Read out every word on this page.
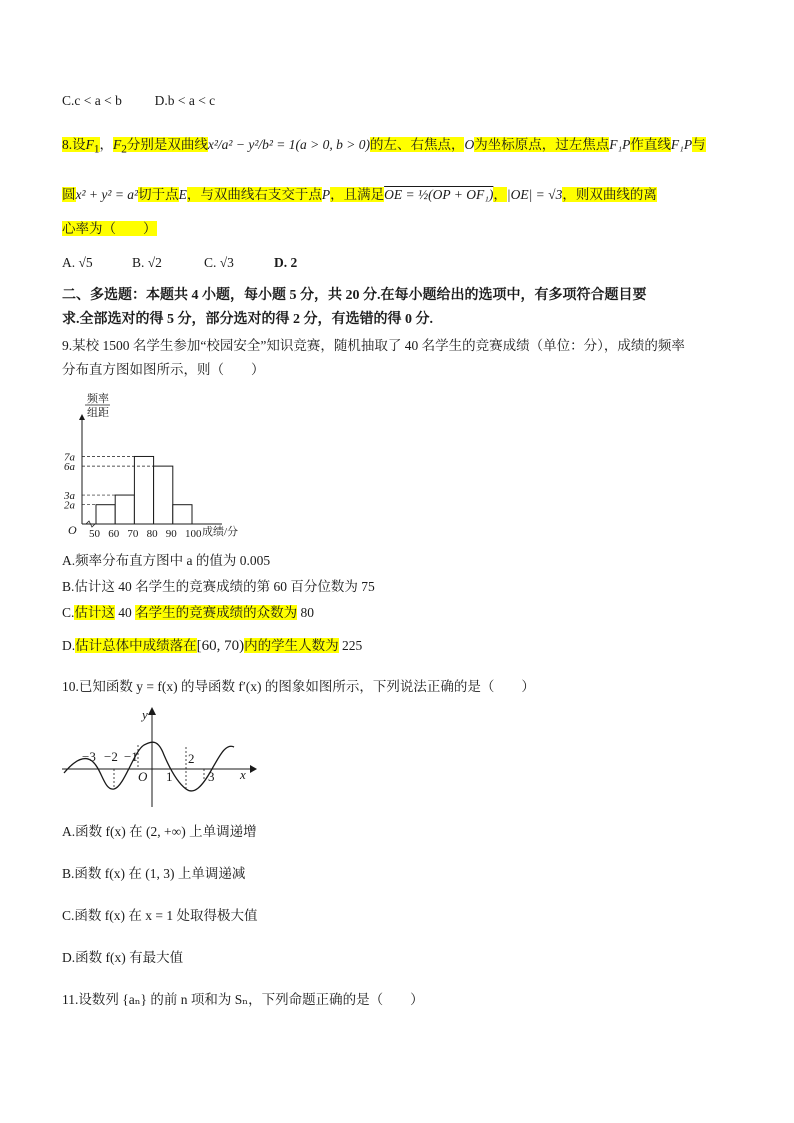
C.c < a < b D.b < a < c
8.设$F_1$，$F_2$分别是双曲线x²/a² − y²/b² = 1(a > 0, b > 0)的左、右焦点，O为坐标原点，过左焦点F₁P作直线F₁P与
圆x² + y² = a²切于点E，与双曲线右支交于点P，且满足OE = ½(OP + OF₁)，|OE| = √3，则双曲线的离
心率为（　　）
A. √5	B. √2	C. √3	D. 2
二、多选题：本题共 4 小题，每小题 5 分，共 20 分.在每小题给出的选项中，有多项符合题目要
求.全部选对的得 5 分，部分选对的得 2 分，有选错的得 0 分.
9.某校 1500 名学生参加“校园安全”知识竞赛，随机抽取了 40 名学生的竞赛成绩（单位：分），成绩的频率
分布直方图如图所示，则（　　）
频率
组距
O	成绩/分
7a
6a
3a
2a
50 60 70 80 90 100
A.频率分布直方图中 a 的值为 0.005
B.估计这 40 名学生的竞赛成绩的第 60 百分位数为 75
C.估计这 40 名学生的竞赛成绩的众数为 80
D.估计总体中成绩落在[60, 70)内的学生人数为 225
10.已知函数 y = f(x) 的导函数 f′(x) 的图象如图所示，下列说法正确的是（　　）
y
x
O
−3 −2 −1
1
2
3
A.函数 f(x) 在 (2, +∞) 上单调递增
B.函数 f(x) 在 (1, 3) 上单调递减
C.函数 f(x) 在 x = 1 处取得极大值
D.函数 f(x) 有最大值
11.设数列 {aₙ} 的前 n 项和为 Sₙ，下列命题正确的是（　　）
